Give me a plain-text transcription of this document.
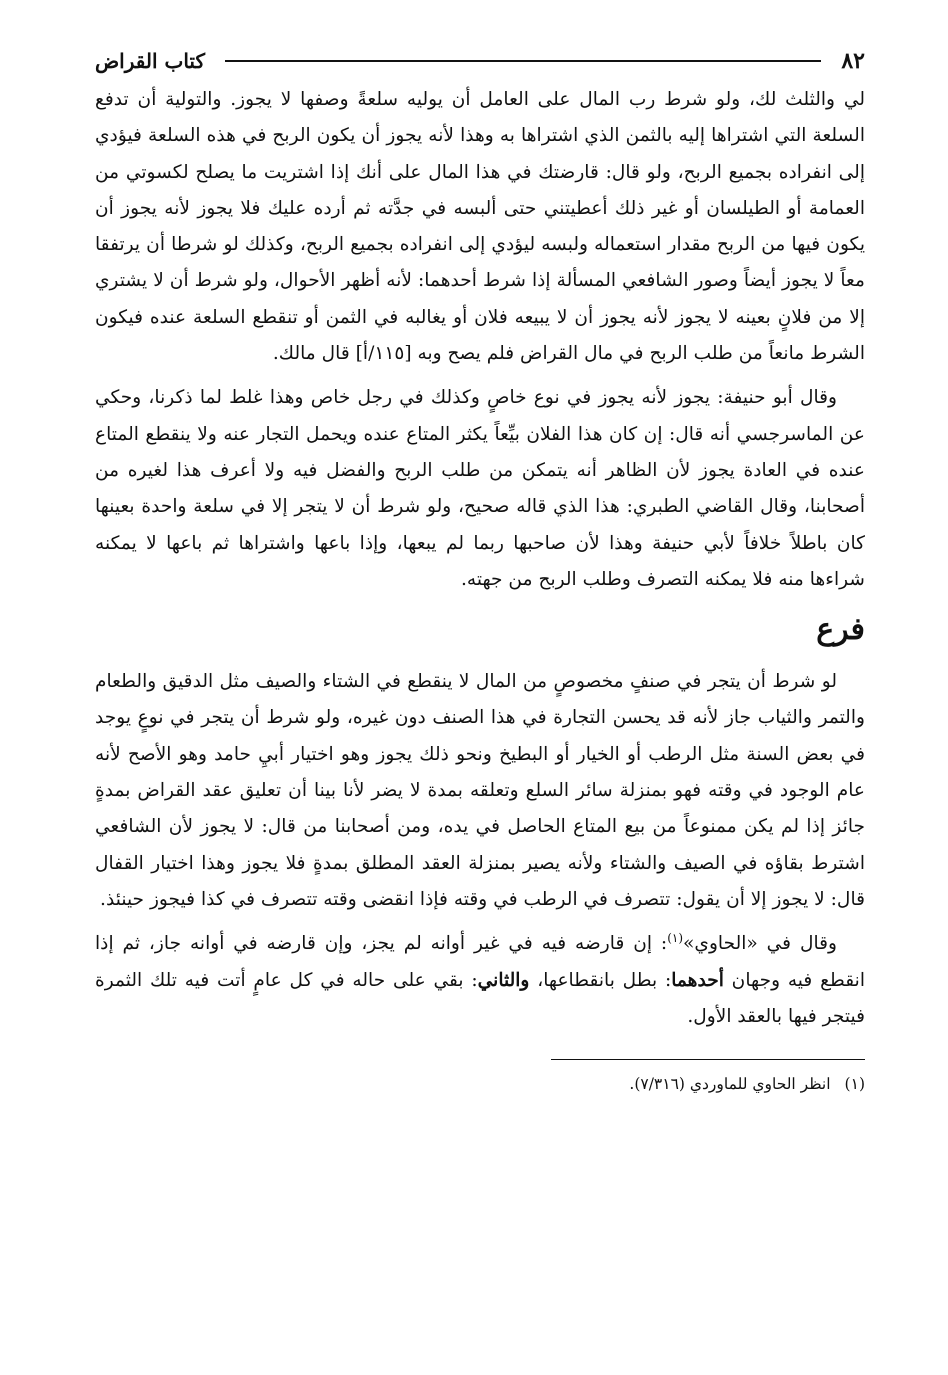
٨٢
كتاب القراض

لي والثلث لك، ولو شرط رب المال على العامل أن يوليه سلعةً وصفها لا يجوز. والتولية أن تدفع السلعة التي اشتراها إليه بالثمن الذي اشتراها به وهذا لأنه يجوز أن يكون الربح في هذه السلعة فيؤدي إلى انفراده بجميع الربح، ولو قال: قارضتك في هذا المال على أنك إذا اشتريت ما يصلح لكسوتي من العمامة أو الطيلسان أو غير ذلك أعطيتني حتى ألبسه في جدَّته ثم أرده عليك فلا يجوز لأنه يجوز أن يكون فيها من الربح مقدار استعماله ولبسه ليؤدي إلى انفراده بجميع الربح، وكذلك لو شرطا أن يرتفقا معاً لا يجوز أيضاً وصور الشافعي المسألة إذا شرط أحدهما: لأنه أظهر الأحوال، ولو شرط أن لا يشتري إلا من فلانٍ بعينه لا يجوز لأنه يجوز أن لا يبيعه فلان أو يغالبه في الثمن أو تنقطع السلعة عنده فيكون الشرط مانعاً من طلب الربح في مال القراض فلم يصح وبه [١١٥/أ] قال مالك.

وقال أبو حنيفة: يجوز لأنه يجوز في نوع خاصٍ وكذلك في رجل خاص وهذا غلط لما ذكرنا، وحكي عن الماسرجسي أنه قال: إن كان هذا الفلان بيِّعاً يكثر المتاع عنده ويحمل التجار عنه ولا ينقطع المتاع عنده في العادة يجوز لأن الظاهر أنه يتمكن من طلب الربح والفضل فيه ولا أعرف هذا لغيره من أصحابنا، وقال القاضي الطبري: هذا الذي قاله صحيح، ولو شرط أن لا يتجر إلا في سلعة واحدة بعينها كان باطلاً خلافاً لأبي حنيفة وهذا لأن صاحبها ربما لم يبعها، وإذا باعها واشتراها ثم باعها لا يمكنه شراءها منه فلا يمكنه التصرف وطلب الربح من جهته.

فرع

لو شرط أن يتجر في صنفٍ مخصوصٍ من المال لا ينقطع في الشتاء والصيف مثل الدقيق والطعام والتمر والثياب جاز لأنه قد يحسن التجارة في هذا الصنف دون غيره، ولو شرط أن يتجر في نوعٍ يوجد في بعض السنة مثل الرطب أو الخيار أو البطيخ ونحو ذلك يجوز وهو اختيار أبيِ حامد وهو الأصح لأنه عام الوجود في وقته فهو بمنزلة سائر السلع وتعلقه بمدة لا يضر لأنا بينا أن تعليق عقد القراض بمدةٍ جائز إذا لم يكن ممنوعاً من بيع المتاع الحاصل في يده، ومن أصحابنا من قال: لا يجوز لأن الشافعي اشترط بقاؤه في الصيف والشتاء ولأنه يصير بمنزلة العقد المطلق بمدةٍ فلا يجوز وهذا اختيار القفال قال: لا يجوز إلا أن يقول: تتصرف في الرطب في وقته فإذا انقضى وقته تتصرف في كذا فيجوز حينئذ.

وقال في «الحاوي»$^{(١)}$: إن قارضه فيه في غير أوانه لم يجز، وإن قارضه في أوانه جاز، ثم إذا انقطع فيه وجهان أحدهما: بطل بانقطاعها، والثاني: بقي على حاله في كل عامٍ أتت فيه تلك الثمرة فيتجر فيها بالعقد الأول.

(١)انظر الحاوي للماوردي (٧/٣١٦).
